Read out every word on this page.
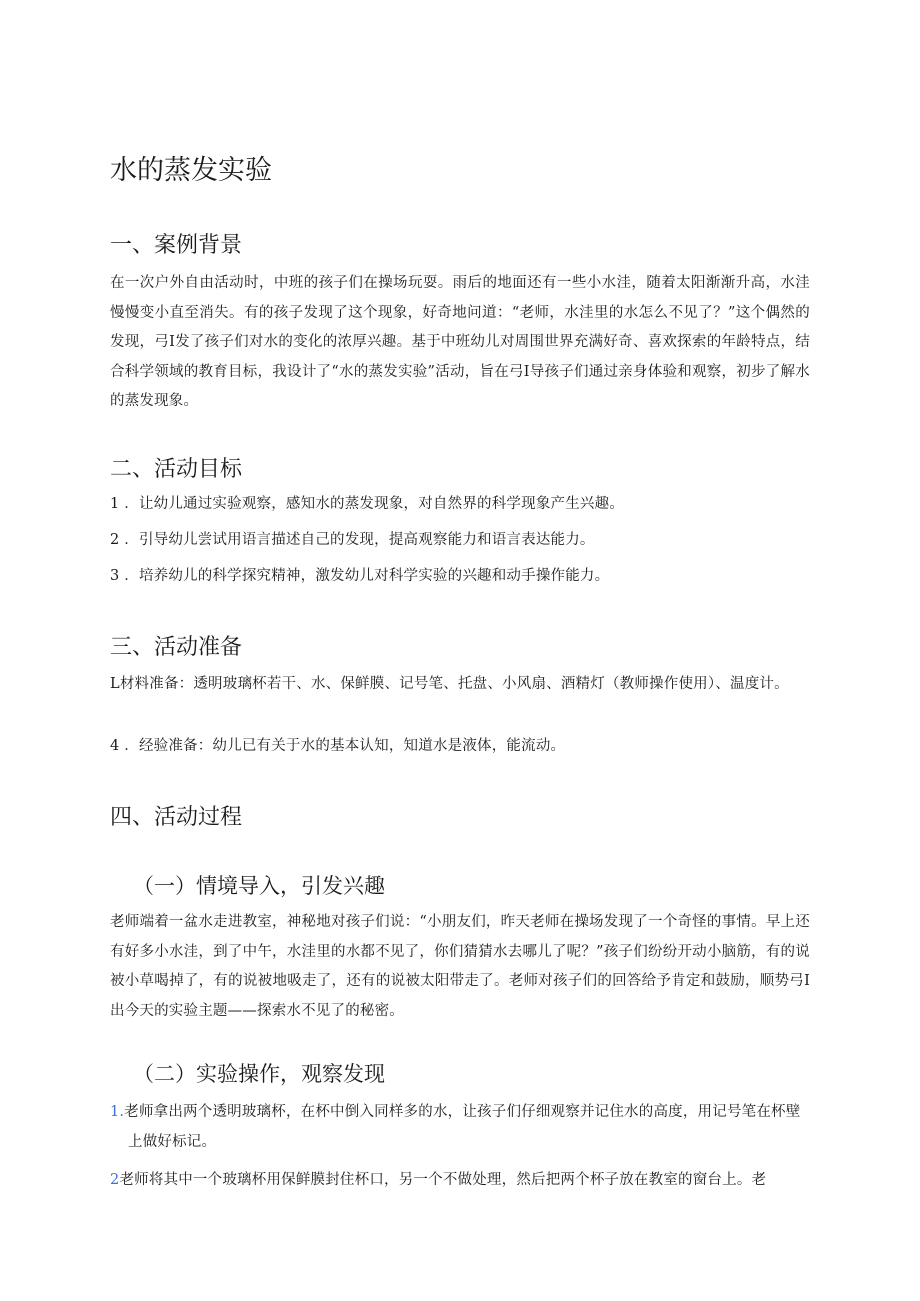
水的蒸发实验
一、案例背景

在一次户外自由活动时，中班的孩子们在操场玩耍。雨后的地面还有一些小水洼，随着太阳渐渐升高，水洼慢慢变小直至消失。有的孩子发现了这个现象，好奇地问道：“老师，水洼里的水怎么不见了？”这个偶然的发现，弓I发了孩子们对水的变化的浓厚兴趣。基于中班幼儿对周围世界充满好奇、喜欢探索的年龄特点，结合科学领域的教育目标，我设计了“水的蒸发实验”活动，旨在弓I导孩子们通过亲身体验和观察，初步了解水的蒸发现象。

二、活动目标
1 ．让幼儿通过实验观察，感知水的蒸发现象，对自然界的科学现象产生兴趣。
2 ．引导幼儿尝试用语言描述自己的发现，提高观察能力和语言表达能力。
3 ．培养幼儿的科学探究精神，激发幼儿对科学实验的兴趣和动手操作能力。
三、活动准备
L材料准备：透明玻璃杯若干、水、保鲜膜、记号笔、托盘、小风扇、酒精灯（教师操作使用）、温度计。
4 ．经验准备：幼儿已有关于水的基本认知，知道水是液体，能流动。
四、活动过程
（一）情境导入，引发兴趣

老师端着一盆水走进教室，神秘地对孩子们说：“小朋友们，昨天老师在操场发现了一个奇怪的事情。早上还有好多小水洼，到了中午，水洼里的水都不见了，你们猜猜水去哪儿了呢？”孩子们纷纷开动小脑筋，有的说被小草喝掉了，有的说被地吸走了，还有的说被太阳带走了。老师对孩子们的回答给予肯定和鼓励，顺势弓I出今天的实验主题——探索水不见了的秘密。

（二）实验操作，观察发现
1.老师拿出两个透明玻璃杯，在杯中倒入同样多的水，让孩子们仔细观察并记住水的高度，用记号笔在杯壁上做好标记。
2老师将其中一个玻璃杯用保鲜膜封住杯口，另一个不做处理，然后把两个杯子放在教室的窗台上。老
